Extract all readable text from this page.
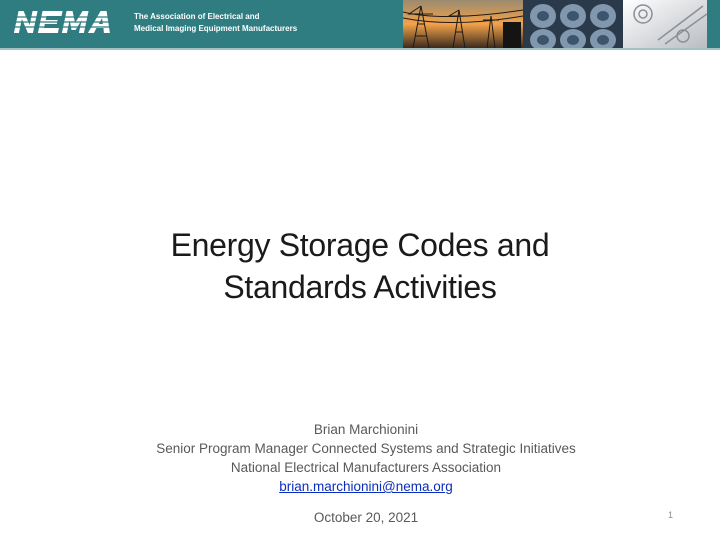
The Association of Electrical and
Medical Imaging Equipment Manufacturers
Energy Storage Codes and
Standards Activities
Brian Marchionini
Senior Program Manager Connected Systems and Strategic Initiatives
National Electrical Manufacturers Association
brian.marchionini@nema.org
October 20, 2021	1
